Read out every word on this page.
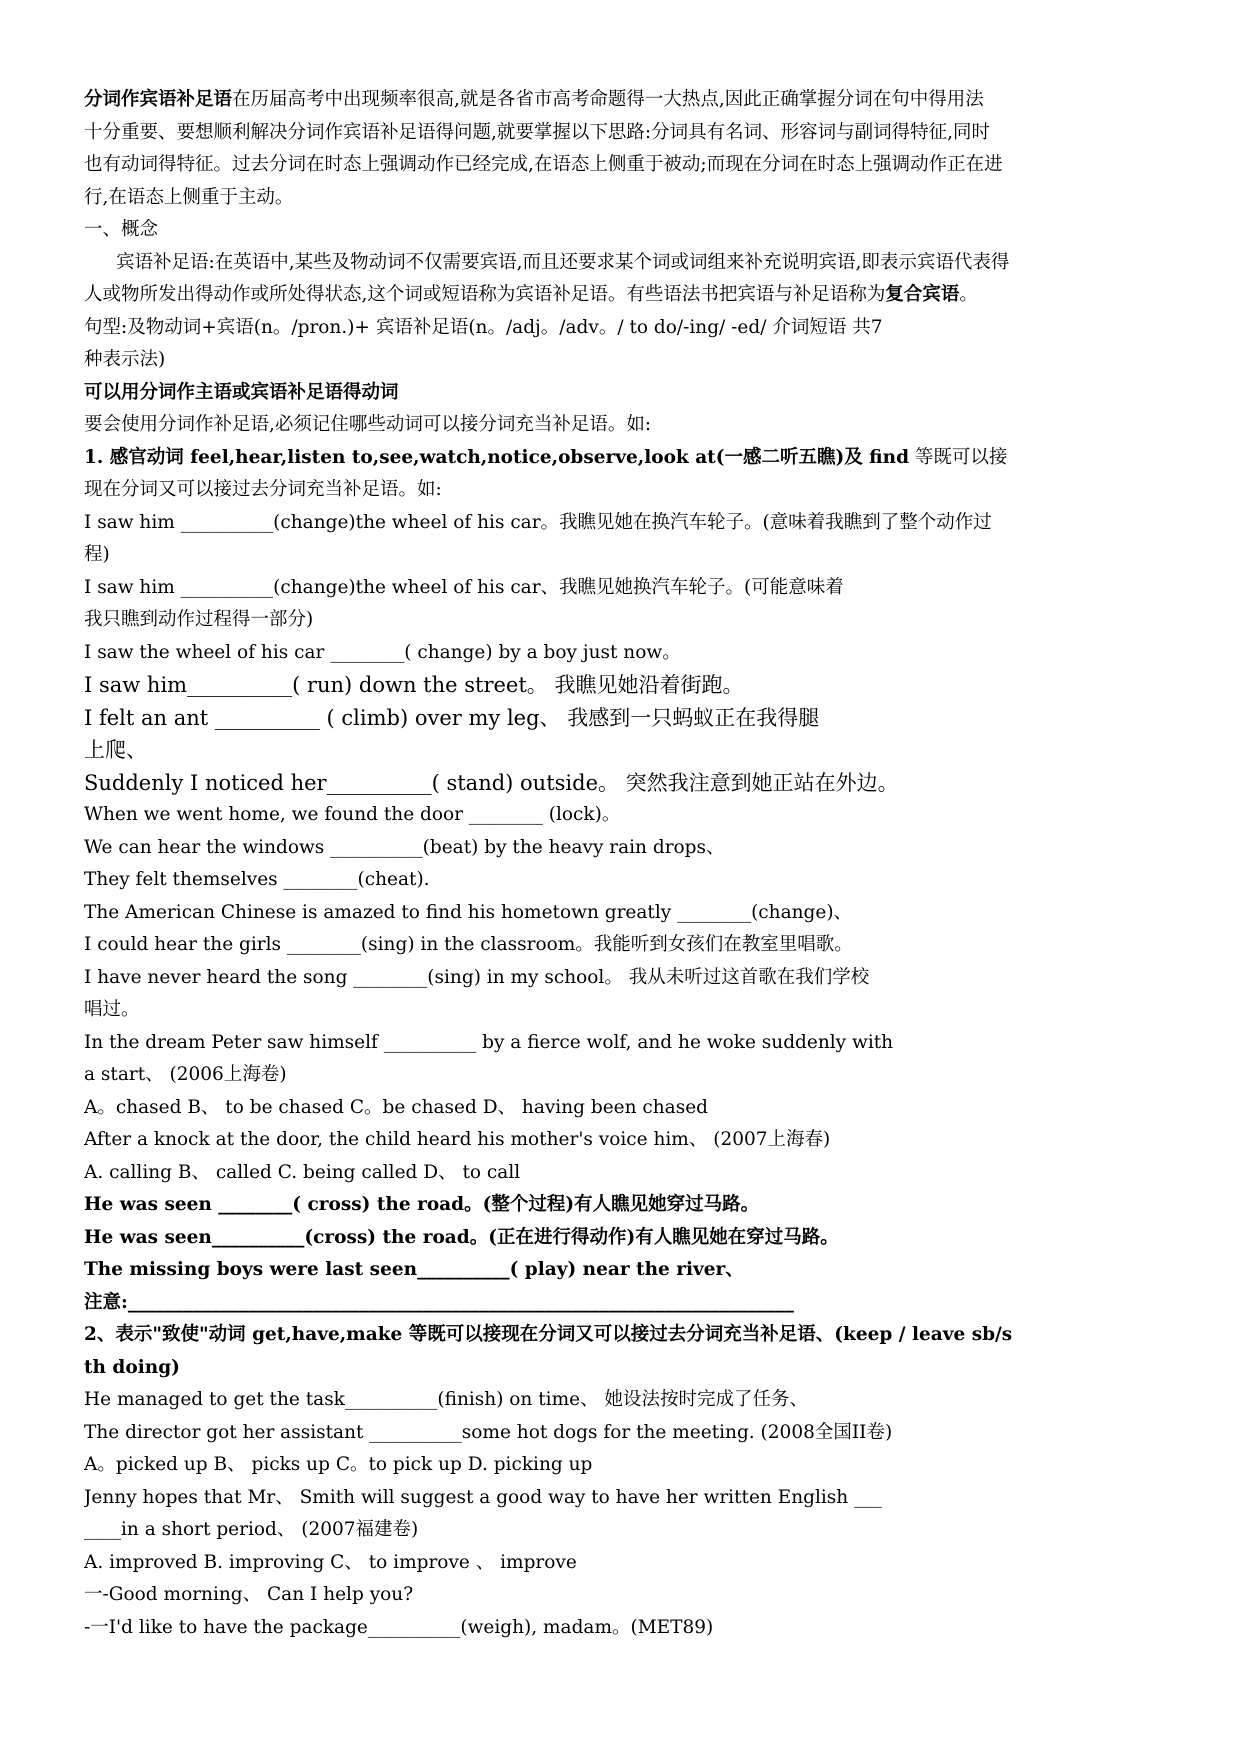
分词作宾语补足语在历届高考中出现频率很高,就是各省市高考命题得一大热点,因此正确掌握分词在句中得用法
十分重要、要想顺利解决分词作宾语补足语得问题,就要掌握以下思路:分词具有名词、形容词与副词得特征,同时
也有动词得特征。过去分词在时态上强调动作已经完成,在语态上侧重于被动;而现在分词在时态上强调动作正在进
行,在语态上侧重于主动。
一、概念
宾语补足语:在英语中,某些及物动词不仅需要宾语,而且还要求某个词或词组来补充说明宾语,即表示宾语代表得
人或物所发出得动作或所处得状态,这个词或短语称为宾语补足语。有些语法书把宾语与补足语称为复合宾语。
句型:及物动词+宾语(n。/pron.)+ 宾语补足语(n。/adj。/adv。/ to do/-ing/ -ed/ 介词短语 共7
种表示法)
可以用分词作主语或宾语补足语得动词
要会使用分词作补足语,必须记住哪些动词可以接分词充当补足语。如:
1. 感官动词 feel,hear,listen to,see,watch,notice,observe,look at(一感二听五瞧)及 find 等既可以接
现在分词又可以接过去分词充当补足语。如:
I saw him __________(change)the wheel of his car。我瞧见她在换汽车轮子。(意味着我瞧到了整个动作过
程)
I saw him __________(change)the wheel of his car、我瞧见她换汽车轮子。(可能意味着
我只瞧到动作过程得一部分)
I saw the wheel of his car ________( change) by a boy just now。
I saw him__________( run) down the street。 我瞧见她沿着街跑。
I felt an ant __________ ( climb) over my leg、 我感到一只蚂蚁正在我得腿
上爬、
Suddenly I noticed her__________( stand) outside。 突然我注意到她正站在外边。
When we went home, we found the door ________ (lock)。
We can hear the windows __________(beat) by the heavy rain drops、
They felt themselves ________(cheat).
The American Chinese is amazed to find his hometown greatly ________(change)、
I could hear the girls ________(sing) in the classroom。我能听到女孩们在教室里唱歌。
I have never heard the song ________(sing) in my school。 我从未听过这首歌在我们学校
唱过。
In the dream Peter saw himself __________ by a fierce wolf, and he woke suddenly with
a start、 (2006上海卷)
A。chased B、 to be chased C。be chased D、 having been chased
After a knock at the door, the child heard his mother's voice him、 (2007上海春)
A. calling B、 called C. being called D、 to call
He was seen ________( cross) the road。(整个过程)有人瞧见她穿过马路。
He was seen__________(cross) the road。(正在进行得动作)有人瞧见她在穿过马路。
The missing boys were last seen__________( play) near the river、
注意:________________________________________________________________________
2、表示"致使"动词 get,have,make 等既可以接现在分词又可以接过去分词充当补足语、(keep / leave sb/s
th doing)
He managed to get the task__________(finish) on time、 她设法按时完成了任务、
The director got her assistant __________some hot dogs for the meeting. (2008全国II卷)
A。picked up B、 picks up C。to pick up D. picking up
Jenny hopes that Mr、 Smith will suggest a good way to have her written English ___
____in a short period、 (2007福建卷)
A. improved B. improving C、 to improve 、 improve
一-Good morning、 Can I help you?
-一I'd like to have the package__________(weigh), madam。(MET89)
